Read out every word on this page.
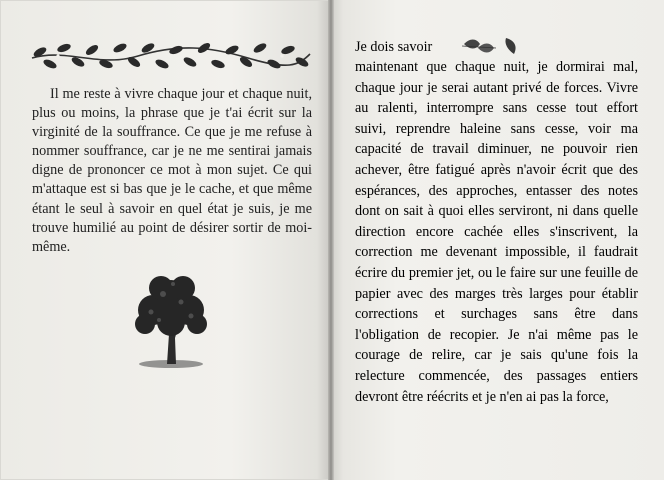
Il me reste à vivre chaque jour et chaque nuit, plus ou moins, la phrase que je t'ai écrit sur la virginité de la souffrance. Ce que je me refuse à nommer souffrance, car je ne me sentirai jamais digne de prononcer ce mot à mon sujet. Ce qui m'attaque est si bas que je le cache, et que même étant le seul à savoir en quel état je suis, je me trouve humilié au point de désirer sortir de moi-même.

Je dois savoir

maintenant que chaque nuit, je dormirai mal, chaque jour je serai autant privé de forces. Vivre au ralenti, interrompre sans cesse tout effort suivi, reprendre haleine sans cesse, voir ma capacité de travail diminuer, ne pouvoir rien achever, être fatigué après n'avoir écrit que des espérances, des approches, entasser des notes dont on sait à quoi elles serviront, ni dans quelle direction encore cachée elles s'inscrivent, la correction me devenant impossible, il faudrait écrire du premier jet, ou le faire sur une feuille de papier avec des marges très larges pour établir corrections et surchages sans être dans l'obligation de recopier. Je n'ai même pas le courage de relire, car je sais qu'une fois la relecture commencée, des passages entiers devront être réécrits et je n'en ai pas la force,
